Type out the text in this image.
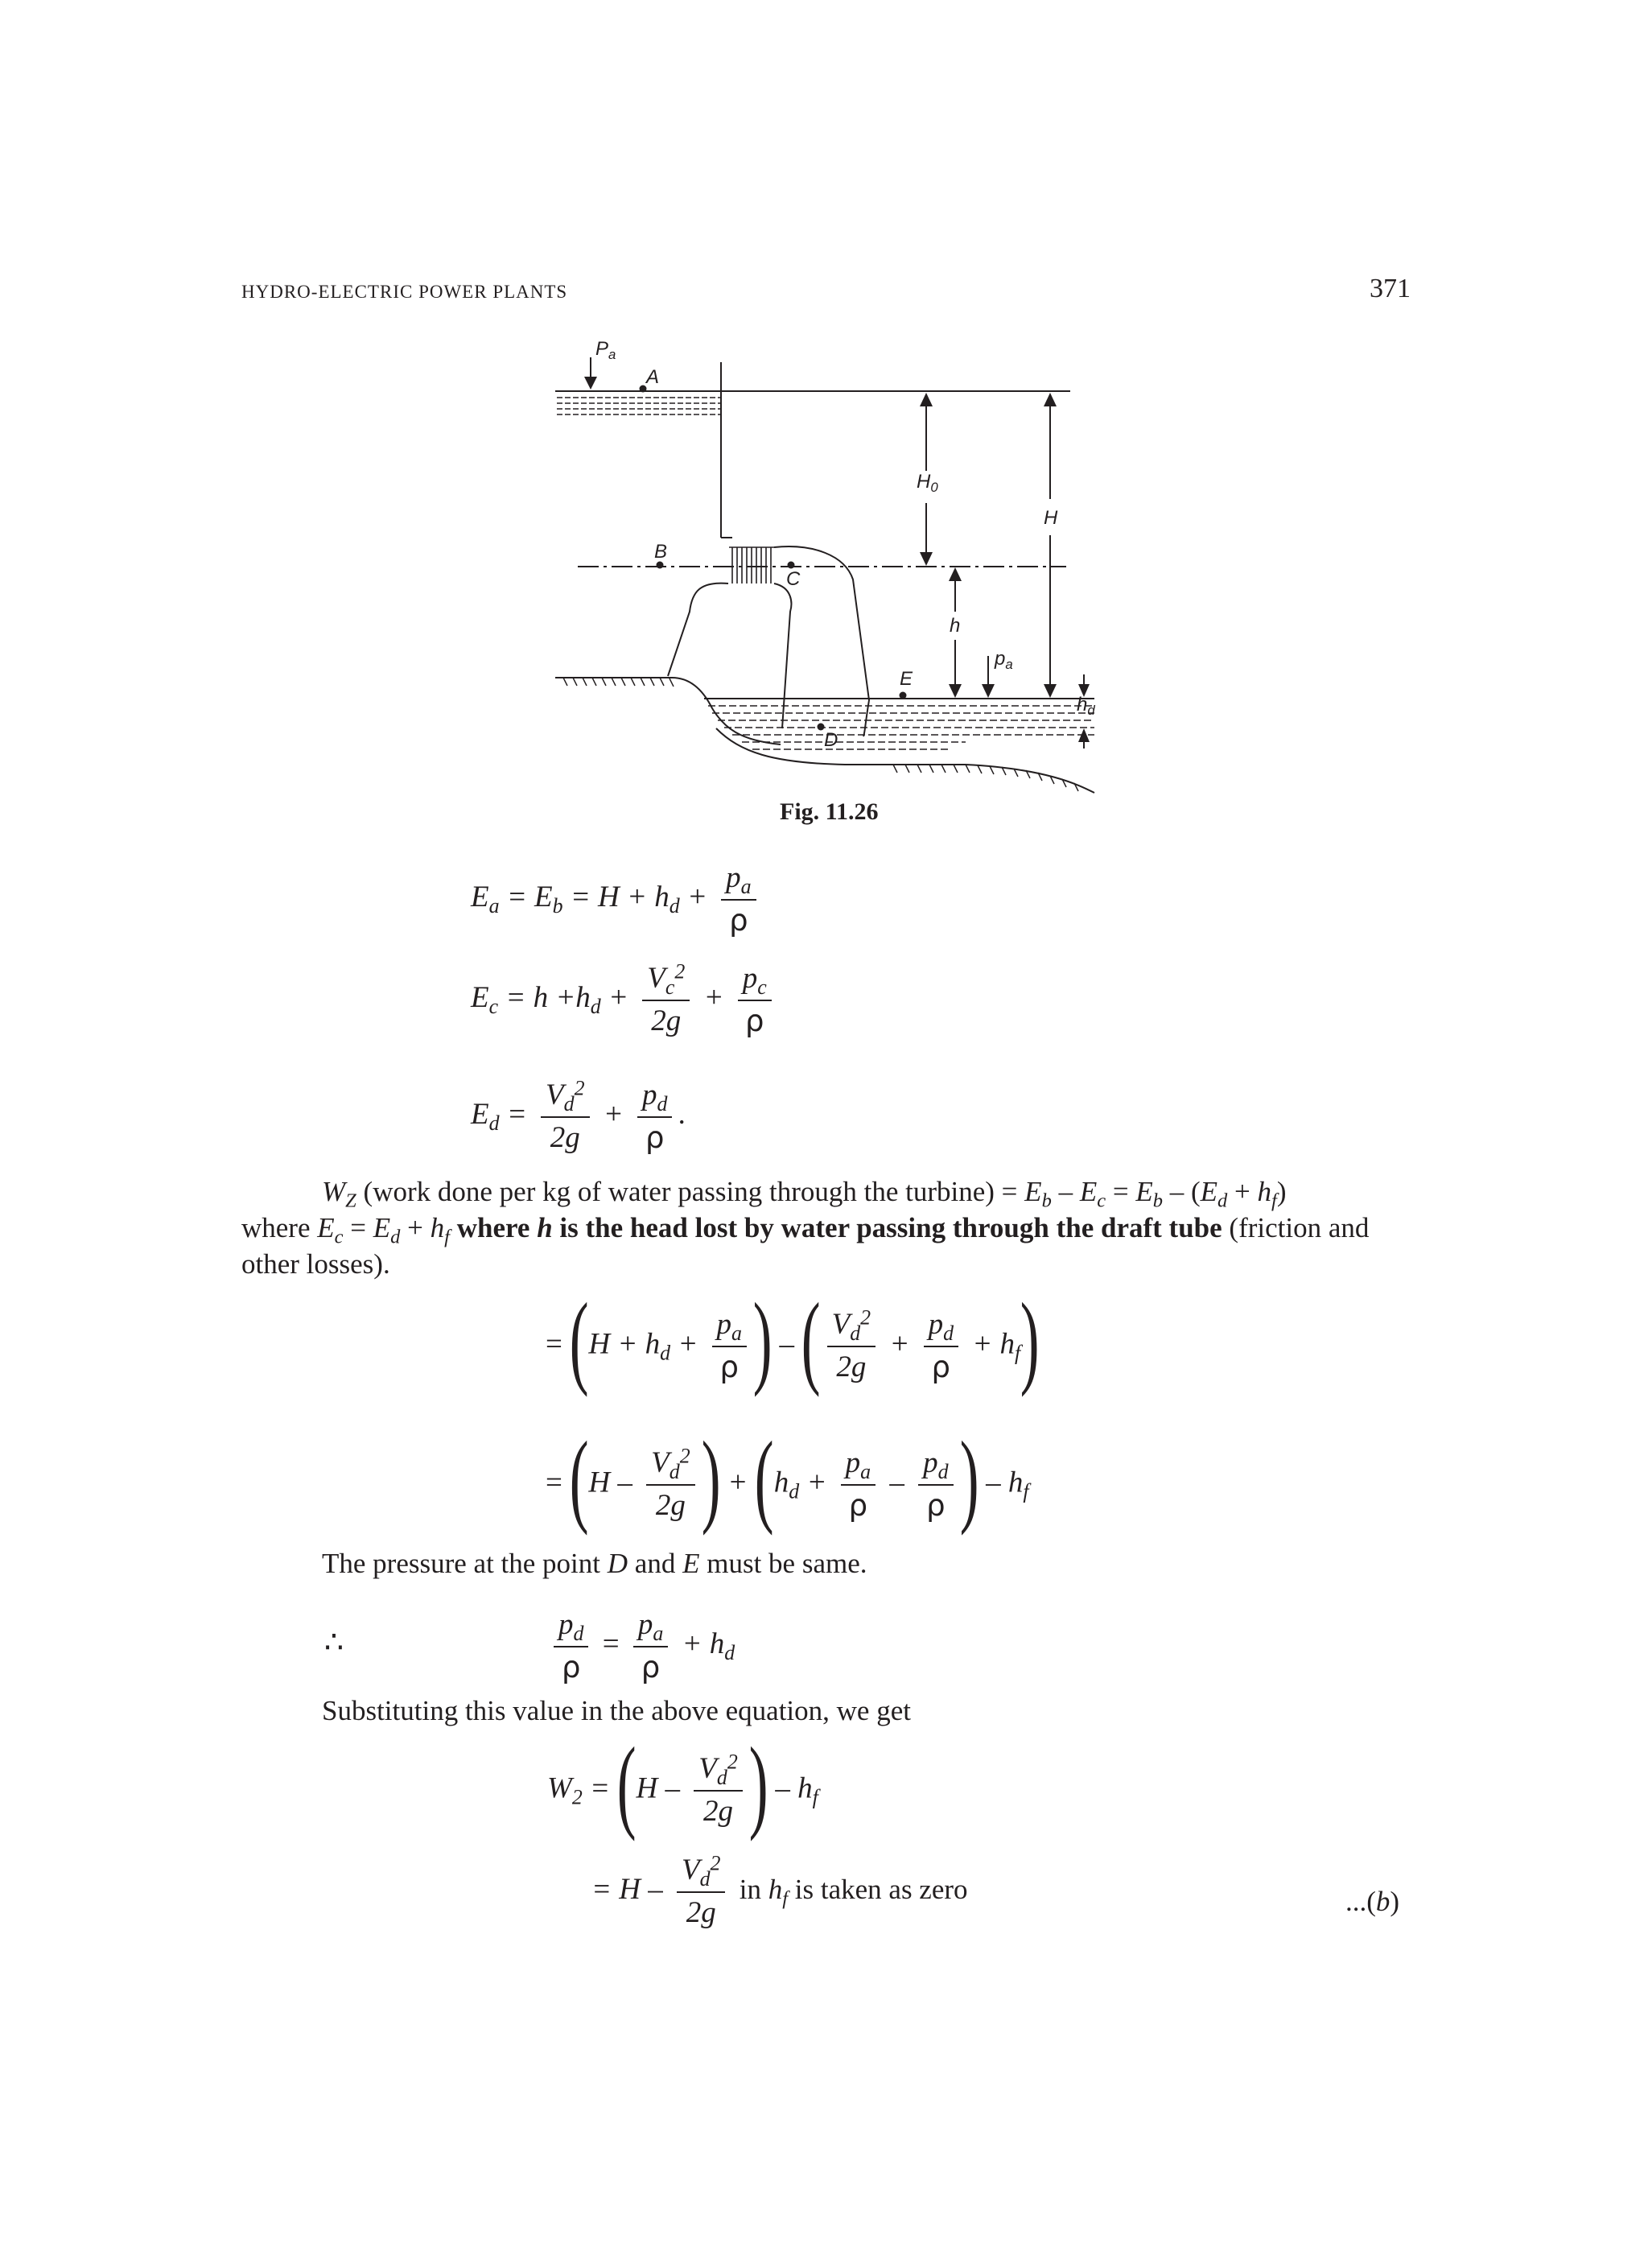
HYDRO-ELECTRIC POWER PLANTS	371
$P_a$
A
B
C
D
E
$H_0$
H
h
$p_a$
$h_d$
Fig. 11.26
$E_a = E_b = H + h_d + \frac{p_a}{\rho}$
$E_c = h +h_d + \frac{V_c^2}{2g} + \frac{p_c}{\rho}$
$E_d = \frac{V_d^2}{2g} + \frac{p_d}{\rho}$ .
$W_Z$ (work done per kg of water passing through the turbine) = $E_b - E_c = E_b - (E_d + h_f)$
where $E_c = E_d + h_f$ where h is the head lost by water passing through the draft tube (friction and
other losses).
= ($H + h_d + \frac{p_a}{\rho}$ ) – ( $\frac{V_d^2}{2g} + \frac{p_d}{\rho} + h_f$)
= ($H - \frac{V_d^2}{2g}$ ) + ($h_d + \frac{p_a}{\rho} - \frac{p_d}{\rho}$ ) – $h_f$
The pressure at the point D and E must be same.
∴	$\frac{p_d}{\rho} = \frac{p_a}{\rho} + h_d$
Substituting this value in the above equation, we get
$W_2 = (H - \frac{V_d^2}{2g}$ ) – $h_f$
= H – $\frac{V_d^2}{2g}$ in $h_f$ is taken as zero	...(b)
